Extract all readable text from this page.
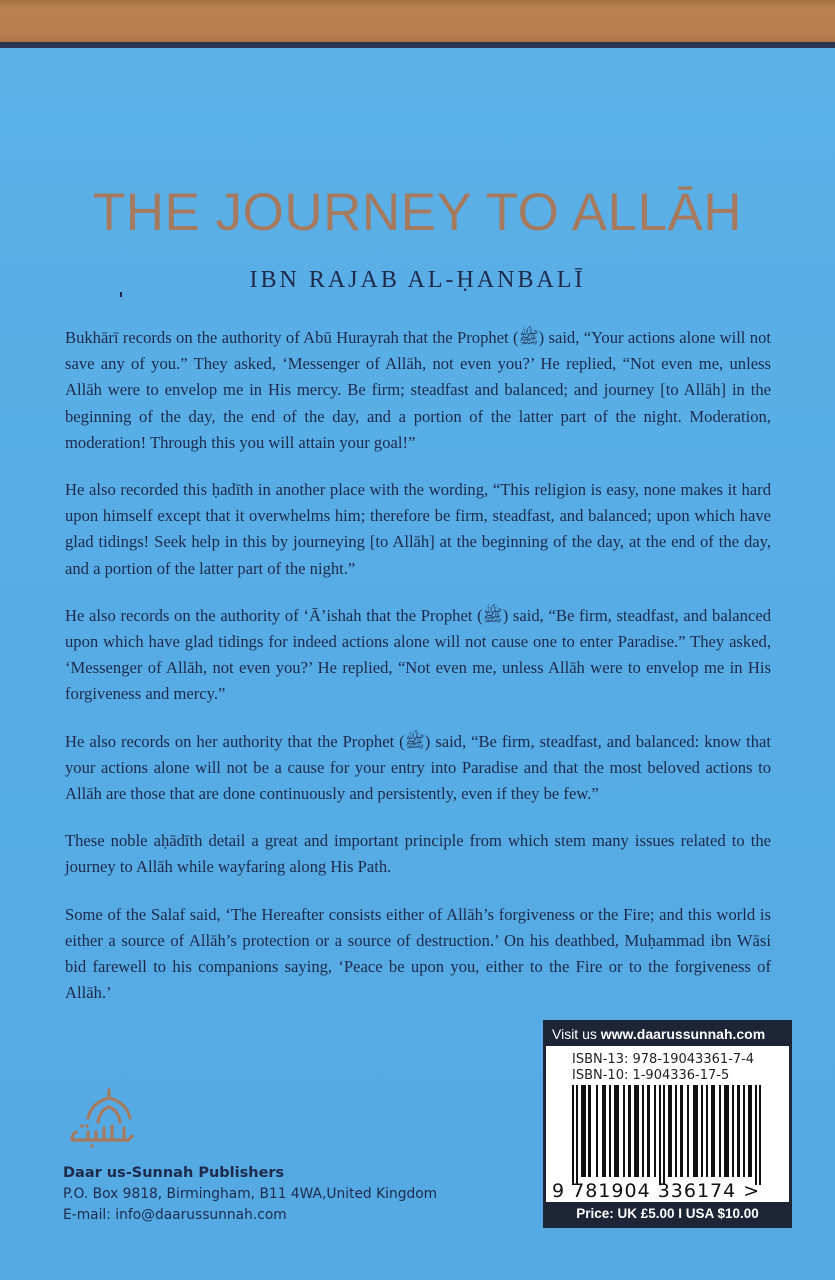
THE JOURNEY TO ALLĀH
IBN RAJAB AL-ḤANBALĪ

Bukhārī records on the authority of Abū Hurayrah that the Prophet (ﷺ) said, “Your actions alone will not save any of you.” They asked, ‘Messenger of Allāh, not even you?’ He replied, “Not even me, unless Allāh were to envelop me in His mercy. Be firm; steadfast and balanced; and journey [to Allāh] in the beginning of the day, the end of the day, and a portion of the latter part of the night. Moderation, moderation! Through this you will attain your goal!”

He also recorded this ḥadīth in another place with the wording, “This religion is easy, none makes it hard upon himself except that it overwhelms him; therefore be firm, steadfast, and balanced; upon which have glad tidings! Seek help in this by journeying [to Allāh] at the beginning of the day, at the end of the day, and a portion of the latter part of the night.”

He also records on the authority of ‘Ā’ishah that the Prophet (ﷺ) said, “Be firm, steadfast, and balanced upon which have glad tidings for indeed actions alone will not cause one to enter Paradise.” They asked, ‘Messenger of Allāh, not even you?’ He replied, “Not even me, unless Allāh were to envelop me in His forgiveness and mercy.”

He also records on her authority that the Prophet (ﷺ) said, “Be firm, steadfast, and balanced: know that your actions alone will not be a cause for your entry into Paradise and that the most beloved actions to Allāh are those that are done continuously and persistently, even if they be few.”

These noble aḥādīth detail a great and important principle from which stem many issues related to the journey to Allāh while wayfaring along His Path.

Some of the Salaf said, ‘The Hereafter consists either of Allāh’s forgiveness or the Fire; and this world is either a source of Allāh’s protection or a source of destruction.’ On his deathbed, Muḥammad ibn Wāsi bid farewell to his companions saying, ‘Peace be upon you, either to the Fire or to the forgiveness of Allāh.’

Daar us-Sunnah Publishers
P.O. Box 9818, Birmingham, B11 4WA,United Kingdom
E-mail: info@daarussunnah.com
Visit us www.daarussunnah.com
ISBN-13: 978-19043361-7-4
ISBN-10: 1-904336-17-5
9 781904 336174 >
Price: UK £5.00 I USA $10.00
